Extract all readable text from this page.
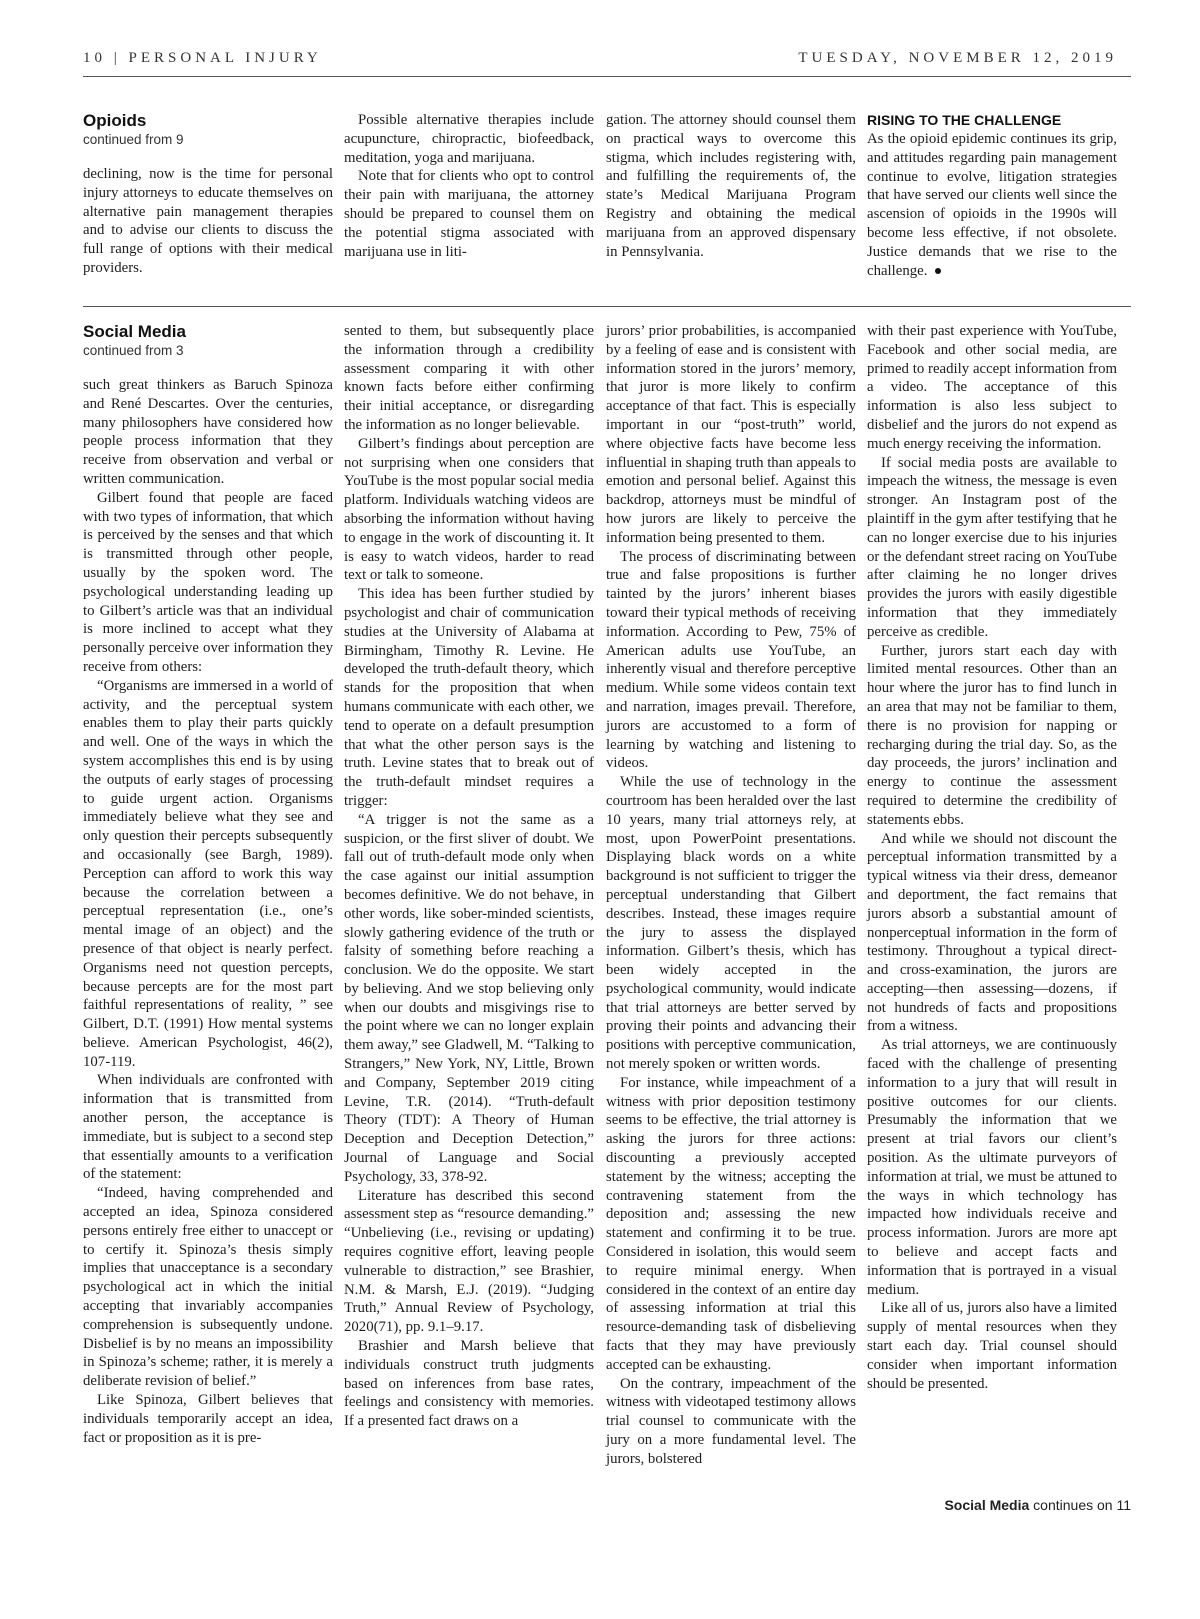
10 | PERSONAL INJURY	TUESDAY, NOVEMBER 12, 2019
Opioids
continued from 9

declining, now is the time for personal injury attorneys to educate themselves on alternative pain management therapies and to advise our clients to discuss the full range of options with their medical providers.

Possible alternative therapies include acupuncture, chiropractic, biofeedback, meditation, yoga and marijuana.

Note that for clients who opt to control their pain with marijuana, the attorney should be prepared to counsel them on the potential stigma associated with marijuana use in liti-

gation. The attorney should counsel them on practical ways to overcome this stigma, which includes registering with, and fulfilling the requirements of, the state’s Medical Marijuana Program Registry and obtaining the medical marijuana from an approved dispensary in Pennsylvania.

RISING TO THE CHALLENGE

As the opioid epidemic continues its grip, and attitudes regarding pain management continue to evolve, litigation strategies that have served our clients well since the ascension of opioids in the 1990s will become less effective, if not obsolete. Justice demands that we rise to the challenge.

Social Media
continued from 3

such great thinkers as Baruch Spinoza and René Descartes. Over the centuries, many philosophers have considered how people process information that they receive from observation and verbal or written communication.

Gilbert found that people are faced with two types of information, that which is perceived by the senses and that which is transmitted through other people, usually by the spoken word. The psychological understanding leading up to Gilbert’s article was that an individual is more inclined to accept what they personally perceive over information they receive from others:

“Organisms are immersed in a world of activity, and the perceptual system enables them to play their parts quickly and well. One of the ways in which the system accomplishes this end is by using the outputs of early stages of processing to guide urgent action. Organisms immediately believe what they see and only question their percepts subsequently and occasionally (see Bargh, 1989). Perception can afford to work this way because the correlation between a perceptual representation (i.e., one’s mental image of an object) and the presence of that object is nearly perfect. Organisms need not question percepts, because percepts are for the most part faithful representations of reality, ” see Gilbert, D.T. (1991) How mental systems believe. American Psychologist, 46(2), 107-119.

When individuals are confronted with information that is transmitted from another person, the acceptance is immediate, but is subject to a second step that essentially amounts to a verification of the statement:

“Indeed, having comprehended and accepted an idea, Spinoza considered persons entirely free either to unaccept or to certify it. Spinoza’s thesis simply implies that unacceptance is a secondary psychological act in which the initial accepting that invariably accompanies comprehension is subsequently undone. Disbelief is by no means an impossibility in Spinoza’s scheme; rather, it is merely a deliberate revision of belief.”

Like Spinoza, Gilbert believes that individuals temporarily accept an idea, fact or proposition as it is pre-

sented to them, but subsequently place the information through a credibility assessment comparing it with other known facts before either confirming their initial acceptance, or disregarding the information as no longer believable.

Gilbert’s findings about perception are not surprising when one considers that YouTube is the most popular social media platform. Individuals watching videos are absorbing the information without having to engage in the work of discounting it. It is easy to watch videos, harder to read text or talk to someone.

This idea has been further studied by psychologist and chair of communication studies at the University of Alabama at Birmingham, Timothy R. Levine. He developed the truth-default theory, which stands for the proposition that when humans communicate with each other, we tend to operate on a default presumption that what the other person says is the truth. Levine states that to break out of the truth-default mindset requires a trigger:

“A trigger is not the same as a suspicion, or the first sliver of doubt. We fall out of truth-default mode only when the case against our initial assumption becomes definitive. We do not behave, in other words, like sober-minded scientists, slowly gathering evidence of the truth or falsity of something before reaching a conclusion. We do the opposite. We start by believing. And we stop believing only when our doubts and misgivings rise to the point where we can no longer explain them away,” see Gladwell, M. “Talking to Strangers,” New York, NY, Little, Brown and Company, September 2019 citing Levine, T.R. (2014). “Truth-default Theory (TDT): A Theory of Human Deception and Deception Detection,” Journal of Language and Social Psychology, 33, 378-92.

Literature has described this second assessment step as “resource demanding.” “Unbelieving (i.e., revising or updating) requires cognitive effort, leaving people vulnerable to distraction,” see Brashier, N.M. & Marsh, E.J. (2019). “Judging Truth,” Annual Review of Psychology, 2020(71), pp. 9.1–9.17.

Brashier and Marsh believe that individuals construct truth judgments based on inferences from base rates, feelings and consistency with memories. If a presented fact draws on a

jurors’ prior probabilities, is accompanied by a feeling of ease and is consistent with information stored in the jurors’ memory, that juror is more likely to confirm acceptance of that fact. This is especially important in our “post-truth” world, where objective facts have become less influential in shaping truth than appeals to emotion and personal belief. Against this backdrop, attorneys must be mindful of how jurors are likely to perceive the information being presented to them.

The process of discriminating between true and false propositions is further tainted by the jurors’ inherent biases toward their typical methods of receiving information. According to Pew, 75% of American adults use YouTube, an inherently visual and therefore perceptive medium. While some videos contain text and narration, images prevail. Therefore, jurors are accustomed to a form of learning by watching and listening to videos.

While the use of technology in the courtroom has been heralded over the last 10 years, many trial attorneys rely, at most, upon PowerPoint presentations. Displaying black words on a white background is not sufficient to trigger the perceptual understanding that Gilbert describes. Instead, these images require the jury to assess the displayed information. Gilbert’s thesis, which has been widely accepted in the psychological community, would indicate that trial attorneys are better served by proving their points and advancing their positions with perceptive communication, not merely spoken or written words.

For instance, while impeachment of a witness with prior deposition testimony seems to be effective, the trial attorney is asking the jurors for three actions: discounting a previously accepted statement by the witness; accepting the contravening statement from the deposition and; assessing the new statement and confirming it to be true. Considered in isolation, this would seem to require minimal energy. When considered in the context of an entire day of assessing information at trial this resource-demanding task of disbelieving facts that they may have previously accepted can be exhausting.

On the contrary, impeachment of the witness with videotaped testimony allows trial counsel to communicate with the jury on a more fundamental level. The jurors, bolstered

with their past experience with YouTube, Facebook and other social media, are primed to readily accept information from a video. The acceptance of this information is also less subject to disbelief and the jurors do not expend as much energy receiving the information.

If social media posts are available to impeach the witness, the message is even stronger. An Instagram post of the plaintiff in the gym after testifying that he can no longer exercise due to his injuries or the defendant street racing on YouTube after claiming he no longer drives provides the jurors with easily digestible information that they immediately perceive as credible.

Further, jurors start each day with limited mental resources. Other than an hour where the juror has to find lunch in an area that may not be familiar to them, there is no provision for napping or recharging during the trial day. So, as the day proceeds, the jurors’ inclination and energy to continue the assessment required to determine the credibility of statements ebbs.

And while we should not discount the perceptual information transmitted by a typical witness via their dress, demeanor and deportment, the fact remains that jurors absorb a substantial amount of nonperceptual information in the form of testimony. Throughout a typical direct- and cross-examination, the jurors are accepting—then assessing—dozens, if not hundreds of facts and propositions from a witness.

As trial attorneys, we are continuously faced with the challenge of presenting information to a jury that will result in positive outcomes for our clients. Presumably the information that we present at trial favors our client’s position. As the ultimate purveyors of information at trial, we must be attuned to the ways in which technology has impacted how individuals receive and process information. Jurors are more apt to believe and accept facts and information that is portrayed in a visual medium.

Like all of us, jurors also have a limited supply of mental resources when they start each day. Trial counsel should consider when important information should be presented.

Social Media continues on 11
